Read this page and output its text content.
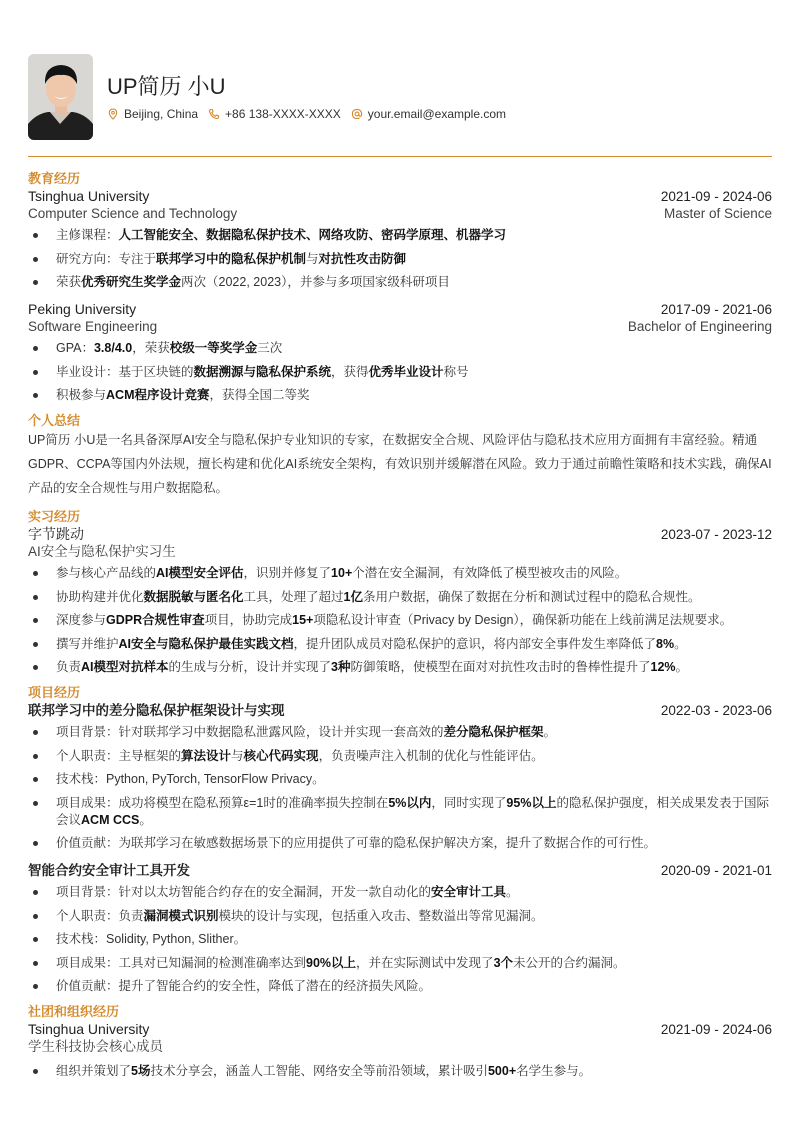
UP简历 小U
Beijing, China +86 138-XXXX-XXXX your.email@example.com
教育经历
Tsinghua University	2021-09 - 2024-06
Computer Science and Technology	Master of Science
主修课程：人工智能安全、数据隐私保护技术、网络攻防、密码学原理、机器学习
研究方向：专注于联邦学习中的隐私保护机制与对抗性攻击防御
荣获优秀研究生奖学金两次（2022, 2023），并参与多项国家级科研项目
Peking University	2017-09 - 2021-06
Software Engineering	Bachelor of Engineering
GPA：3.8/4.0，荣获校级一等奖学金三次
毕业设计：基于区块链的数据溯源与隐私保护系统，获得优秀毕业设计称号
积极参与ACM程序设计竞赛，获得全国二等奖
个人总结
UP简历 小U是一名具备深厚AI安全与隐私保护专业知识的专家，在数据安全合规、风险评估与隐私技术应用方面拥有丰富经验。精通GDPR、CCPA等国内外法规，擅长构建和优化AI系统安全架构，有效识别并缓解潜在风险。致力于通过前瞻性策略和技术实践，确保AI产品的安全合规性与用户数据隐私。
实习经历
字节跳动	2023-07 - 2023-12
AI安全与隐私保护实习生
参与核心产品线的AI模型安全评估，识别并修复了10+个潜在安全漏洞，有效降低了模型被攻击的风险。
协助构建并优化数据脱敏与匿名化工具，处理了超过1亿条用户数据，确保了数据在分析和测试过程中的隐私合规性。
深度参与GDPR合规性审查项目，协助完成15+项隐私设计审查（Privacy by Design），确保新功能在上线前满足法规要求。
撰写并维护AI安全与隐私保护最佳实践文档，提升团队成员对隐私保护的意识，将内部安全事件发生率降低了8%。
负责AI模型对抗样本的生成与分析，设计并实现了3种防御策略，使模型在面对对抗性攻击时的鲁棒性提升了12%。
项目经历
联邦学习中的差分隐私保护框架设计与实现	2022-03 - 2023-06
项目背景：针对联邦学习中数据隐私泄露风险，设计并实现一套高效的差分隐私保护框架。
个人职责：主导框架的算法设计与核心代码实现，负责噪声注入机制的优化与性能评估。
技术栈：Python, PyTorch, TensorFlow Privacy。
项目成果：成功将模型在隐私预算ε=1时的准确率损失控制在5%以内，同时实现了95%以上的隐私保护强度，相关成果发表于国际会议ACM CCS。
价值贡献：为联邦学习在敏感数据场景下的应用提供了可靠的隐私保护解决方案，提升了数据合作的可行性。
智能合约安全审计工具开发	2020-09 - 2021-01
项目背景：针对以太坊智能合约存在的安全漏洞，开发一款自动化的安全审计工具。
个人职责：负责漏洞模式识别模块的设计与实现，包括重入攻击、整数溢出等常见漏洞。
技术栈：Solidity, Python, Slither。
项目成果：工具对已知漏洞的检测准确率达到90%以上，并在实际测试中发现了3个未公开的合约漏洞。
价值贡献：提升了智能合约的安全性，降低了潜在的经济损失风险。
社团和组织经历
Tsinghua University	2021-09 - 2024-06
学生科技协会核心成员
组织并策划了5场技术分享会，涵盖人工智能、网络安全等前沿领域，累计吸引500+名学生参与。
